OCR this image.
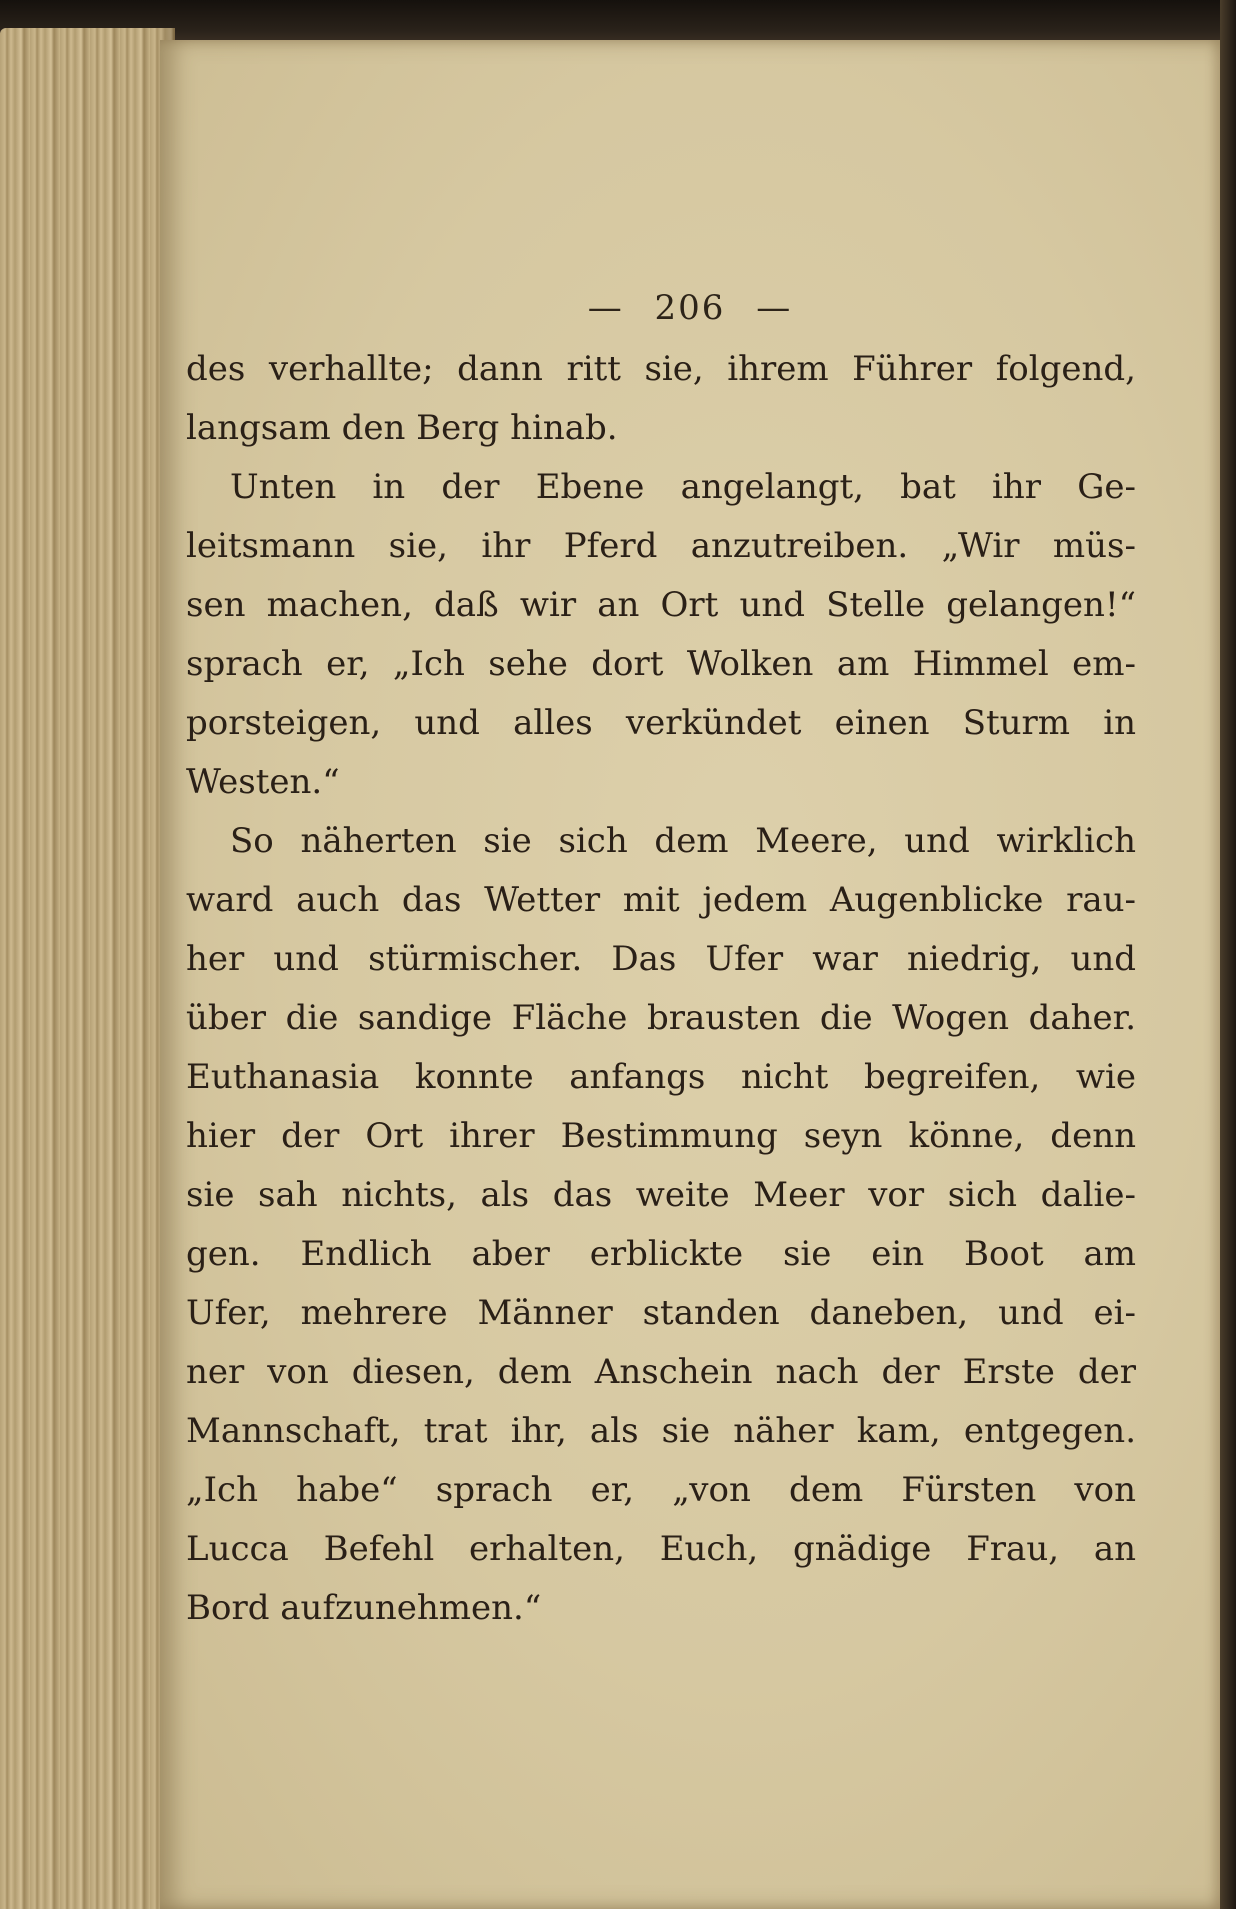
— 206 —
des verhallte; dann ritt sie, ihrem Führer folgend,
langsam den Berg hinab.
Unten in der Ebene angelangt, bat ihr Ge-
leitsmann sie, ihr Pferd anzutreiben. „Wir müs-
sen machen, daß wir an Ort und Stelle gelangen!“
sprach er, „Ich sehe dort Wolken am Himmel em-
porsteigen, und alles verkündet einen Sturm in
Westen.“
So näherten sie sich dem Meere, und wirklich
ward auch das Wetter mit jedem Augenblicke rau-
her und stürmischer. Das Ufer war niedrig, und
über die sandige Fläche brausten die Wogen daher.
Euthanasia konnte anfangs nicht begreifen, wie
hier der Ort ihrer Bestimmung seyn könne, denn
sie sah nichts, als das weite Meer vor sich dalie-
gen. Endlich aber erblickte sie ein Boot am
Ufer, mehrere Männer standen daneben, und ei-
ner von diesen, dem Anschein nach der Erste der
Mannschaft, trat ihr, als sie näher kam, entgegen.
„Ich habe“ sprach er, „von dem Fürsten von
Lucca Befehl erhalten, Euch, gnädige Frau, an
Bord aufzunehmen.“
